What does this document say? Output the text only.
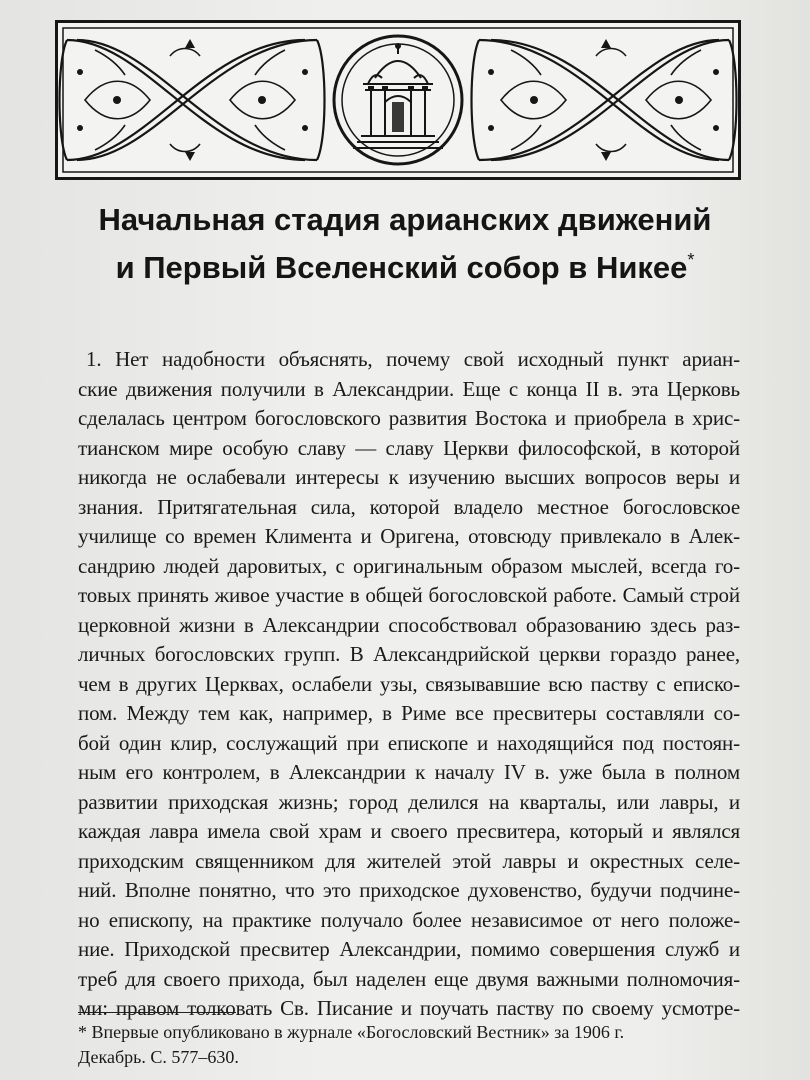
Начальная стадия арианских движений
и Первый Вселенский собор в Никее*
1. Нет надобности объяснять, почему свой исходный пункт ариан-
ские движения получили в Александрии. Еще с конца II в. эта Церковь
сделалась центром богословского развития Востока и приобрела в хрис-
тианском мире особую славу — славу Церкви философской, в которой
никогда не ослабевали интересы к изучению высших вопросов веры и
знания. Притягательная сила, которой владело местное богословское
училище со времен Климента и Оригена, отовсюду привлекало в Алек-
сандрию людей даровитых, с оригинальным образом мыслей, всегда го-
товых принять живое участие в общей богословской работе. Самый строй
церковной жизни в Александрии способствовал образованию здесь раз-
личных богословских групп. В Александрийской церкви гораздо ранее,
чем в других Церквах, ослабели узы, связывавшие всю паству с еписко-
пом. Между тем как, например, в Риме все пресвитеры составляли со-
бой один клир, сослужащий при епископе и находящийся под постоян-
ным его контролем, в Александрии к началу IV в. уже была в полном
развитии приходская жизнь; город делился на кварталы, или лавры, и
каждая лавра имела свой храм и своего пресвитера, который и являлся
приходским священником для жителей этой лавры и окрестных селе-
ний. Вполне понятно, что это приходское духовенство, будучи подчине-
но епископу, на практике получало более независимое от него положе-
ние. Приходской пресвитер Александрии, помимо совершения служб и
треб для своего прихода, был наделен еще двумя важными полномочия-
ми: правом толковать Св. Писание и поучать паству по своему усмотре-
* Впервые опубликовано в журнале «Богословский Вестник» за 1906 г.
Декабрь. С. 577–630.
